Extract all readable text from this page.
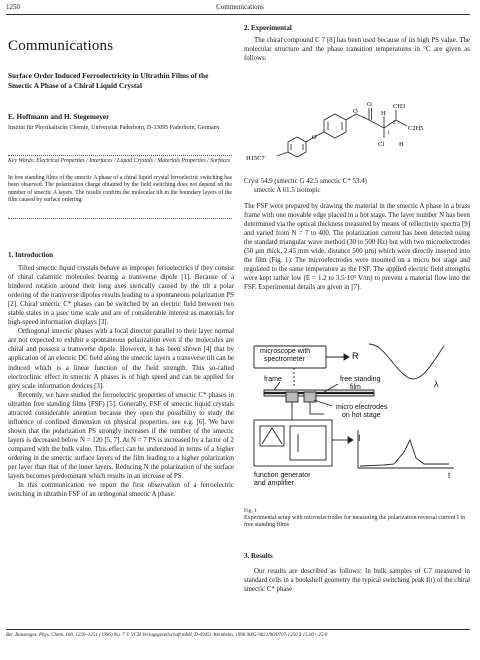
1250	Communications
Communications
Surface Order Induced Ferroelectricity in Ultrathin Films of the Smectic A Phase of a Chiral Liquid Crystal
E. Hoffmann and H. Stegemeyer
Institut für Physikalische Chemie, Universität Paderborn, D-33095 Paderborn, Germany
Key Words: Electrical Properties / Interfaces / Liquid Crystals / Materials Properties / Surfaces
In free standing films of the smectic A phase of a chiral liquid crystal ferroelectric switching has been observed. The polarization charge obtained by the field switching does not depend on the number of smectic A layers. The results confirm the molecular tilt in the boundary layers of the film caused by surface ordering.
1. Introduction

Tilted smectic liquid crystals behave as improper ferroelectrics if they consist of chiral calamitic molecules bearing a transverse dipole [1]. Because of a hindered rotation around their long axes sterically caused by the tilt a polar ordering of the transverse dipoles results leading to a spontaneous polarization PS [2]. Chiral smectic C* phases can be switched by an electric field between two stable states in a µsec time scale and are of considerable interest as materials for high-speed information displays [3].

Orthogonal smectic phases with a local director parallel to their layer normal are not expected to exhibit a spontaneous polarization even if the molecules are chiral and possess a transverse dipole. However, it has been shown [4] that by application of an electric DC field along the smectic layers a transverse tilt can be induced which is a linear function of the field strength. This so-called electroclinic effect in smectic A phases is of high speed and can be applied for grey scale information devices [3].

Recently, we have studied the ferroelectric properties of smectic C* phases in ultrathin free standing films (FSF) [5]. Generally, FSF of smectic liquid crystals attracted considerable attention because they open the possibility to study the influence of confined dimension on physical properties, see e.g. [6]. We have shown that the polarization PS strongly increases if the number of the smectic layers is decreased below N = 120 [5, 7]. At N = 7 PS is increased by a factor of 2 compared with the bulk value. This effect can be understood in terms of a higher ordering in the smectic surface layers of the film leading to a higher polarization per layer than that of the inner layers. Reducing N the polarization of the surface layers becomes predominant which results in an increase of PS.

In this communication we report the first observation of a ferroelectric switching in ultrathin FSF of an orthogonal smectic A phase.

2. Experimental

The chiral compound C 7 [8] has been used because of its high PS value. The molecular structure and the phase transition temperatures in °C are given as follows:

H15C7
O
O
O
H
CH3
C2H5
Cl H
1
2
Cryst 54.9 (smectic G 42.5 smectic C* 53.4)
smectic A 61.5 isotropic

The FSF were prepared by drawing the material in the smectic A phase in a brass frame with one movable edge placed in a hot stage. The layer number N has been determined via the optical thickness measured by means of reflectivity spectra [9] and varied from N = 7 to 400. The polarization current has been detected using the standard triangular wave method (30 to 500 Hz) but with two microelectrodes (50 µm thick, 2.45 mm wide, distance 500 µm) which were directly inserted into the film (Fig. 1). The microelectrodes were mounted on a micro hot stage and regulated to the same temperature as the FSF. The applied electric field strengths were kept rather low (E = 1.2 to 3.5·10⁵ V/m) to prevent a material flow into the FSF. Experimental details are given in [7].

microscope with
spectrometer	R
λ
frame	free standing
film
micro electrodes
on hot stage
I
t
function generator
and amplifier
Fig. 1
Experimental setup with microelectrodes for measuring the polarization reversal current I in free standing films
3. Results

Our results are described as follows: In bulk samples of C7 measured in standard cells in a bookshelf geometry the typical switching peak I(t) of the chiral smectic C* phase

Ber. Bunsenges. Phys. Chem. 100, 1250–1251 (1996) No. 7 © VCH Verlagsgesellschaft mbH, D-69451 Weinheim, 1996 0005-9021/96/0707-1250 $ 15.00+.25/0
